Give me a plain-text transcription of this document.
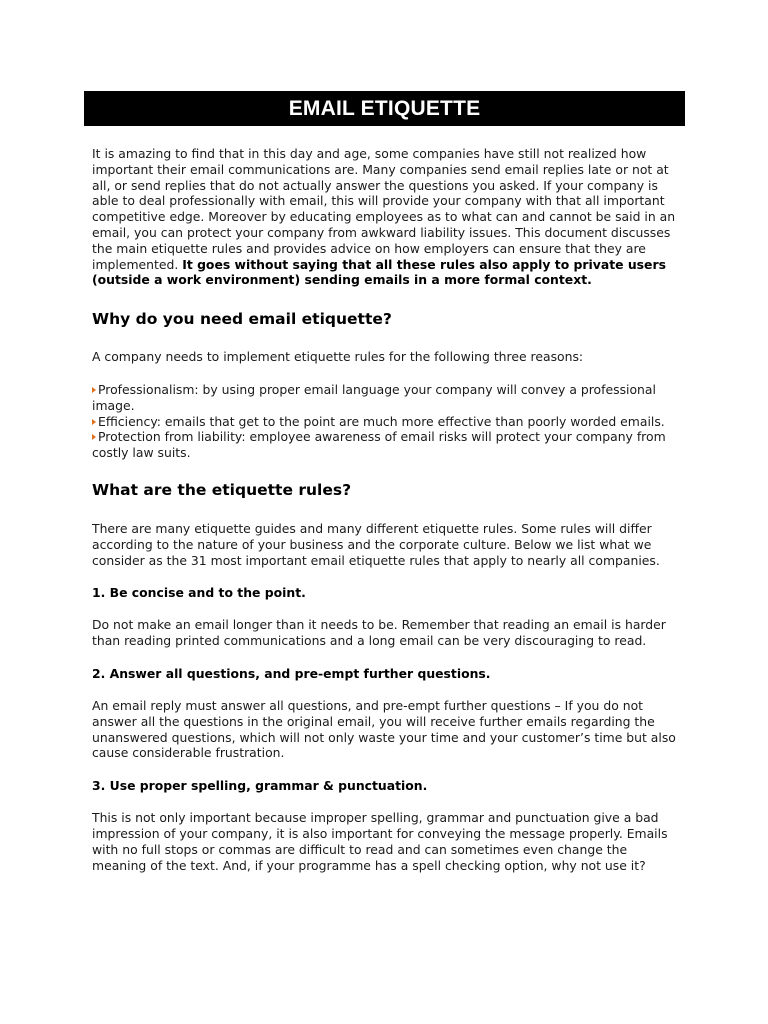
EMAIL ETIQUETTE

It is amazing to find that in this day and age, some companies have still not realized how important their email communications are. Many companies send email replies late or not at all, or send replies that do not actually answer the questions you asked. If your company is able to deal professionally with email, this will provide your company with that all important competitive edge. Moreover by educating employees as to what can and cannot be said in an email, you can protect your company from awkward liability issues. This document discusses the main etiquette rules and provides advice on how employers can ensure that they are implemented. It goes without saying that all these rules also apply to private users (outside a work environment) sending emails in a more formal context.

Why do you need email etiquette?

A company needs to implement etiquette rules for the following three reasons:

Professionalism: by using proper email language your company will convey a professional image.
Efficiency: emails that get to the point are much more effective than poorly worded emails.
Protection from liability: employee awareness of email risks will protect your company from costly law suits.
What are the etiquette rules?

There are many etiquette guides and many different etiquette rules. Some rules will differ according to the nature of your business and the corporate culture. Below we list what we consider as the 31 most important email etiquette rules that apply to nearly all companies.

1. Be concise and to the point.

Do not make an email longer than it needs to be. Remember that reading an email is harder than reading printed communications and a long email can be very discouraging to read.

2. Answer all questions, and pre-empt further questions.

An email reply must answer all questions, and pre-empt further questions – If you do not answer all the questions in the original email, you will receive further emails regarding the unanswered questions, which will not only waste your time and your customer’s time but also cause considerable frustration.

3. Use proper spelling, grammar & punctuation.

This is not only important because improper spelling, grammar and punctuation give a bad impression of your company, it is also important for conveying the message properly. Emails with no full stops or commas are difficult to read and can sometimes even change the meaning of the text. And, if your programme has a spell checking option, why not use it?
